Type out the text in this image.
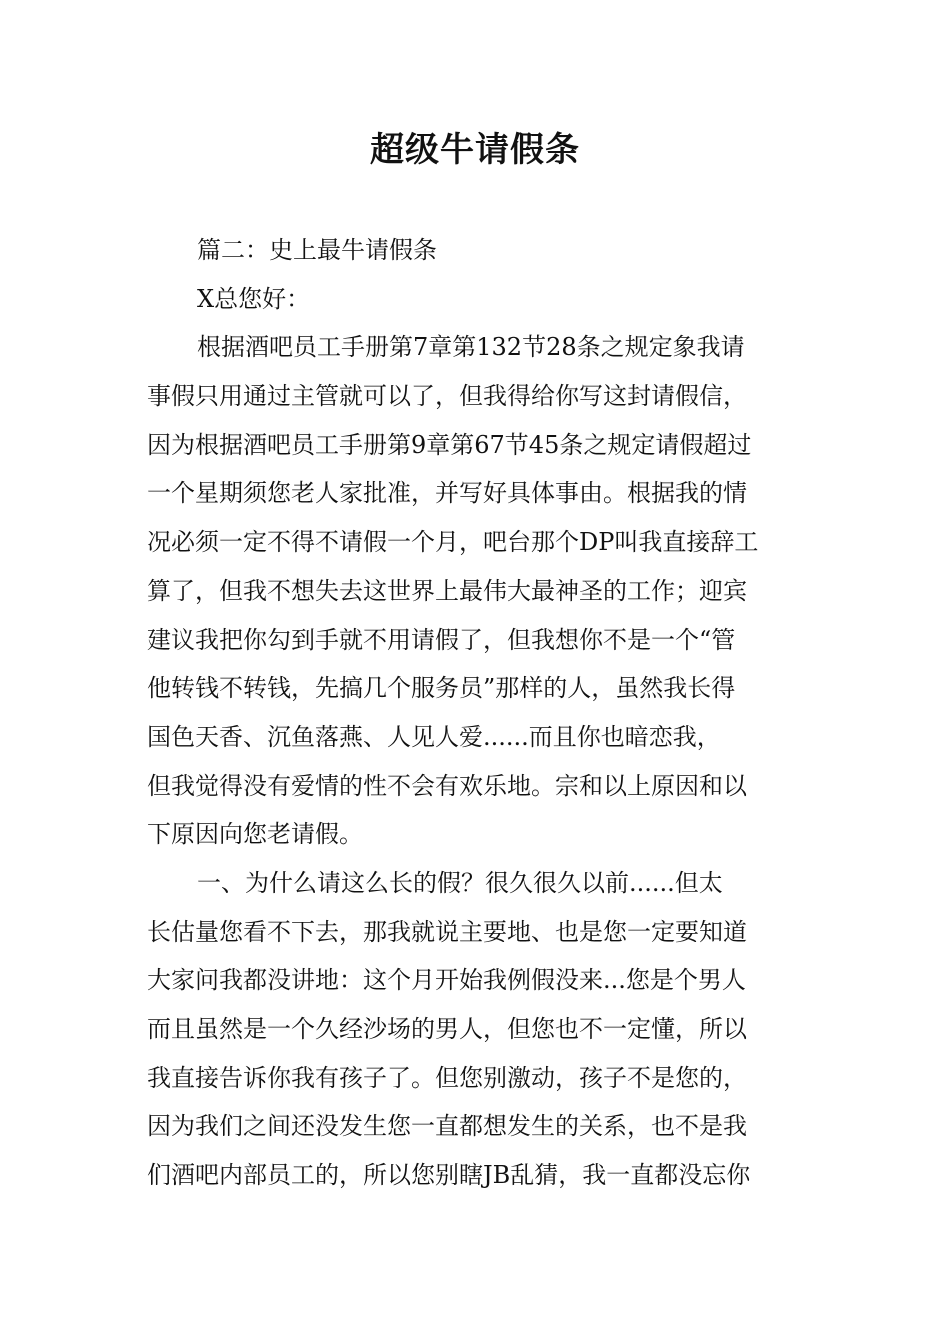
超级牛请假条
篇二：史上最牛请假条
X总您好：
根据酒吧员工手册第7章第132节28条之规定象我请
事假只用通过主管就可以了，但我得给你写这封请假信，
因为根据酒吧员工手册第9章第67节45条之规定请假超过
一个星期须您老人家批准，并写好具体事由。根据我的情
况必须一定不得不请假一个月，吧台那个DP叫我直接辞工
算了，但我不想失去这世界上最伟大最神圣的工作；迎宾
建议我把你勾到手就不用请假了，但我想你不是一个“管
他转钱不转钱，先搞几个服务员”那样的人，虽然我长得
国色天香、沉鱼落燕、人见人爱......而且你也暗恋我，
但我觉得没有爱情的性不会有欢乐地。宗和以上原因和以
下原因向您老请假。
一、为什么请这么长的假？很久很久以前......但太
长估量您看不下去，那我就说主要地、也是您一定要知道
大家问我都没讲地：这个月开始我例假没来...您是个男人
而且虽然是一个久经沙场的男人，但您也不一定懂，所以
我直接告诉你我有孩子了。但您别激动，孩子不是您的，
因为我们之间还没发生您一直都想发生的关系，也不是我
们酒吧内部员工的，所以您别瞎JB乱猜，我一直都没忘你
